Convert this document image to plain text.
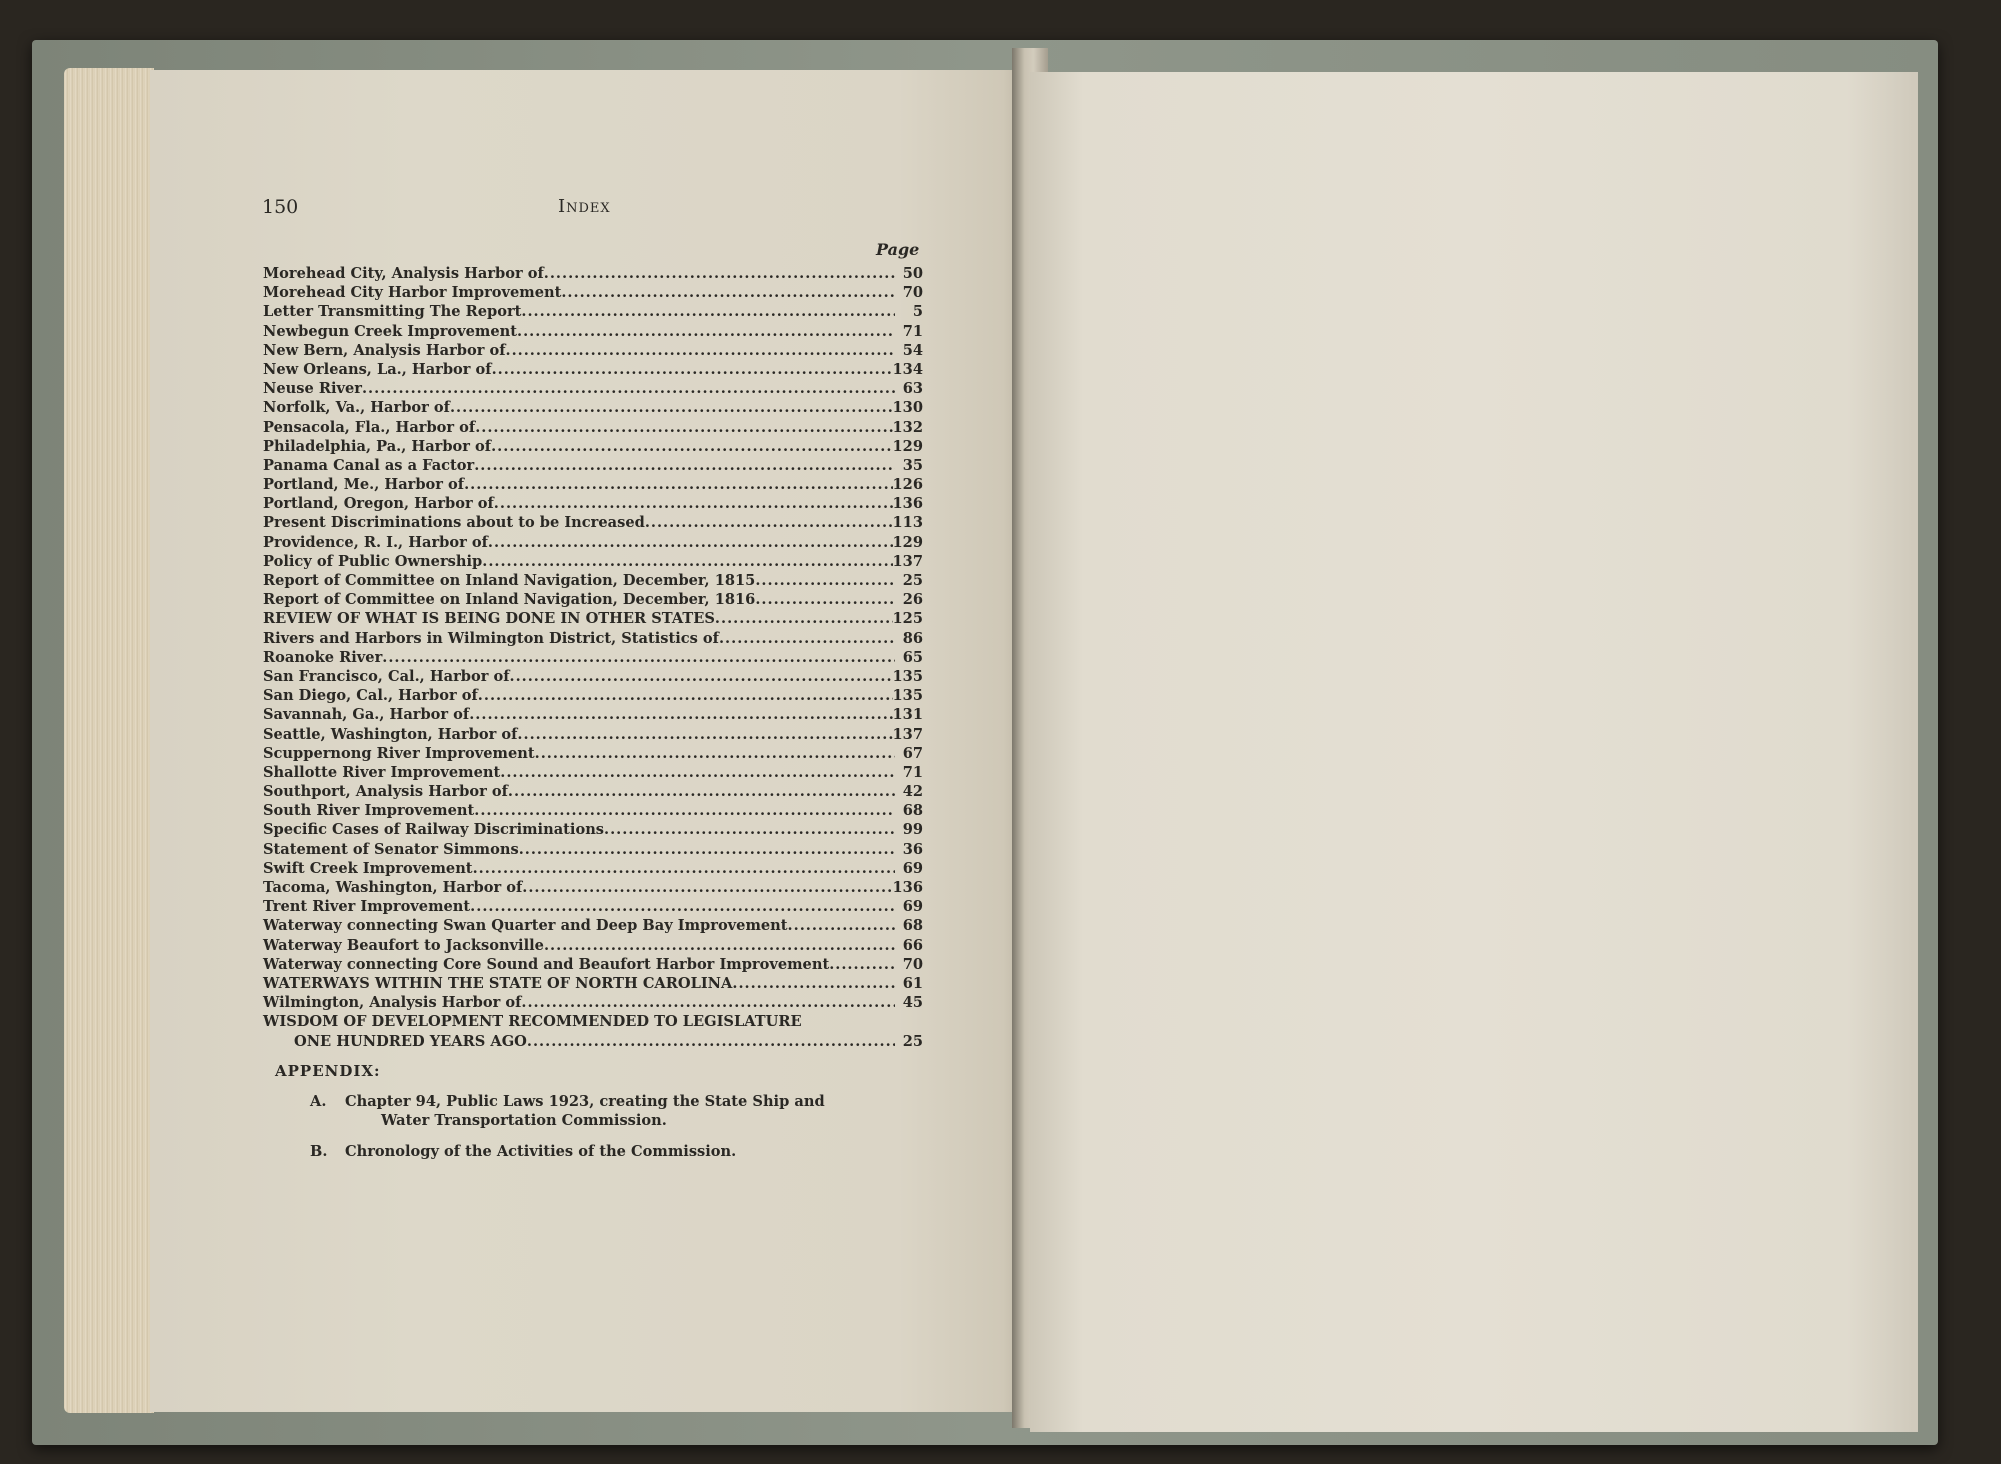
150	Index
Page
Morehead City, Analysis Harbor of .....	50
Morehead City Harbor Improvement .....	70
Letter Transmitting The Report .....	5
Newbegun Creek Improvement .....	71
New Bern, Analysis Harbor of .....	54
New Orleans, La., Harbor of .....	134
Neuse River .....	63
Norfolk, Va., Harbor of .....	130
Pensacola, Fla., Harbor of .....	132
Philadelphia, Pa., Harbor of .....	129
Panama Canal as a Factor .....	35
Portland, Me., Harbor of .....	126
Portland, Oregon, Harbor of .....	136
Present Discriminations about to be Increased .....	113
Providence, R. I., Harbor of .....	129
Policy of Public Ownership .....	137
Report of Committee on Inland Navigation, December, 1815 .....	25
Report of Committee on Inland Navigation, December, 1816 .....	26
REVIEW OF WHAT IS BEING DONE IN OTHER STATES .....	125
Rivers and Harbors in Wilmington District, Statistics of .....	86
Roanoke River .....	65
San Francisco, Cal., Harbor of .....	135
San Diego, Cal., Harbor of .....	135
Savannah, Ga., Harbor of .....	131
Seattle, Washington, Harbor of .....	137
Scuppernong River Improvement .....	67
Shallotte River Improvement .....	71
Southport, Analysis Harbor of .....	42
South River Improvement .....	68
Specific Cases of Railway Discriminations .....	99
Statement of Senator Simmons .....	36
Swift Creek Improvement .....	69
Tacoma, Washington, Harbor of .....	136
Trent River Improvement .....	69
Waterway connecting Swan Quarter and Deep Bay Improvement .....	68
Waterway Beaufort to Jacksonville .....	66
Waterway connecting Core Sound and Beaufort Harbor Improvement .....	70
WATERWAYS WITHIN THE STATE OF NORTH CAROLINA .....	61
Wilmington, Analysis Harbor of .....	45
WISDOM OF DEVELOPMENT RECOMMENDED TO LEGISLATURE
ONE HUNDRED YEARS AGO .....	25
APPENDIX:
A. Chapter 94, Public Laws 1923, creating the State Ship and
Water Transportation Commission.
B. Chronology of the Activities of the Commission.
